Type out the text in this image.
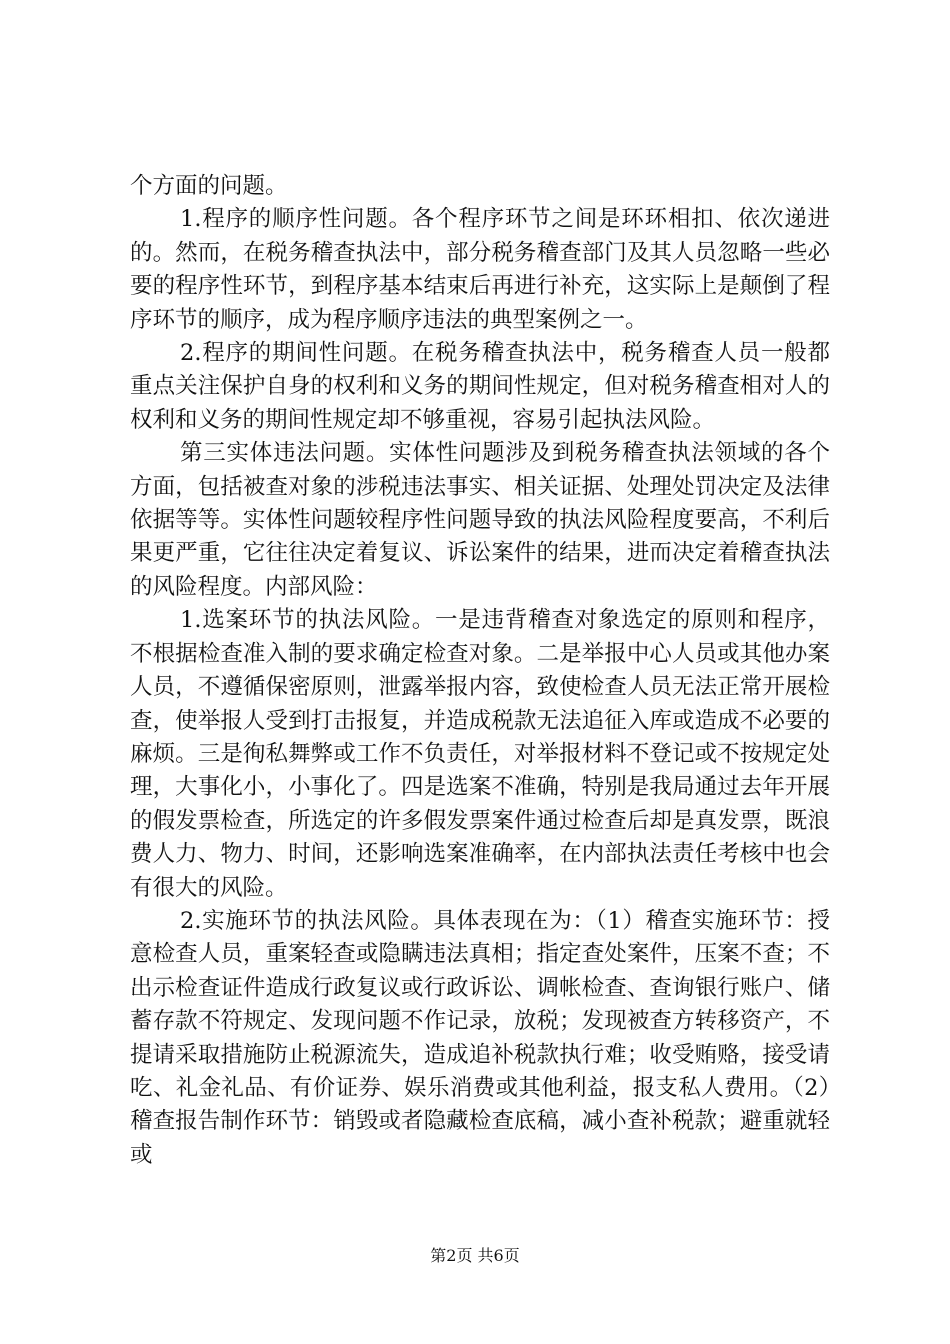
个方面的问题。

1.程序的顺序性问题。各个程序环节之间是环环相扣、依次递进的。然而，在税务稽查执法中，部分税务稽查部门及其人员忽略一些必要的程序性环节，到程序基本结束后再进行补充，这实际上是颠倒了程序环节的顺序，成为程序顺序违法的典型案例之一。

2.程序的期间性问题。在税务稽查执法中，税务稽查人员一般都重点关注保护自身的权利和义务的期间性规定，但对税务稽查相对人的权利和义务的期间性规定却不够重视，容易引起执法风险。

第三实体违法问题。实体性问题涉及到税务稽查执法领域的各个方面，包括被查对象的涉税违法事实、相关证据、处理处罚决定及法律依据等等。实体性问题较程序性问题导致的执法风险程度要高，不利后果更严重，它往往决定着复议、诉讼案件的结果，进而决定着稽查执法的风险程度。内部风险：

1.选案环节的执法风险。一是违背稽查对象选定的原则和程序，不根据检查准入制的要求确定检查对象。二是举报中心人员或其他办案人员，不遵循保密原则，泄露举报内容，致使检查人员无法正常开展检查，使举报人受到打击报复，并造成税款无法追征入库或造成不必要的麻烦。三是徇私舞弊或工作不负责任，对举报材料不登记或不按规定处理，大事化小，小事化了。四是选案不准确，特别是我局通过去年开展的假发票检查，所选定的许多假发票案件通过检查后却是真发票，既浪费人力、物力、时间，还影响选案准确率，在内部执法责任考核中也会有很大的风险。

2.实施环节的执法风险。具体表现在为：（1）稽查实施环节：授意检查人员，重案轻查或隐瞒违法真相；指定查处案件，压案不查；不出示检查证件造成行政复议或行政诉讼、调帐检查、查询银行账户、储蓄存款不符规定、发现问题不作记录，放税；发现被查方转移资产，不提请采取措施防止税源流失，造成追补税款执行难；收受贿赂，接受请吃、礼金礼品、有价证券、娱乐消费或其他利益，报支私人费用。（2）稽查报告制作环节：销毁或者隐藏检查底稿，减小查补税款；避重就轻或

第2页 共6页
